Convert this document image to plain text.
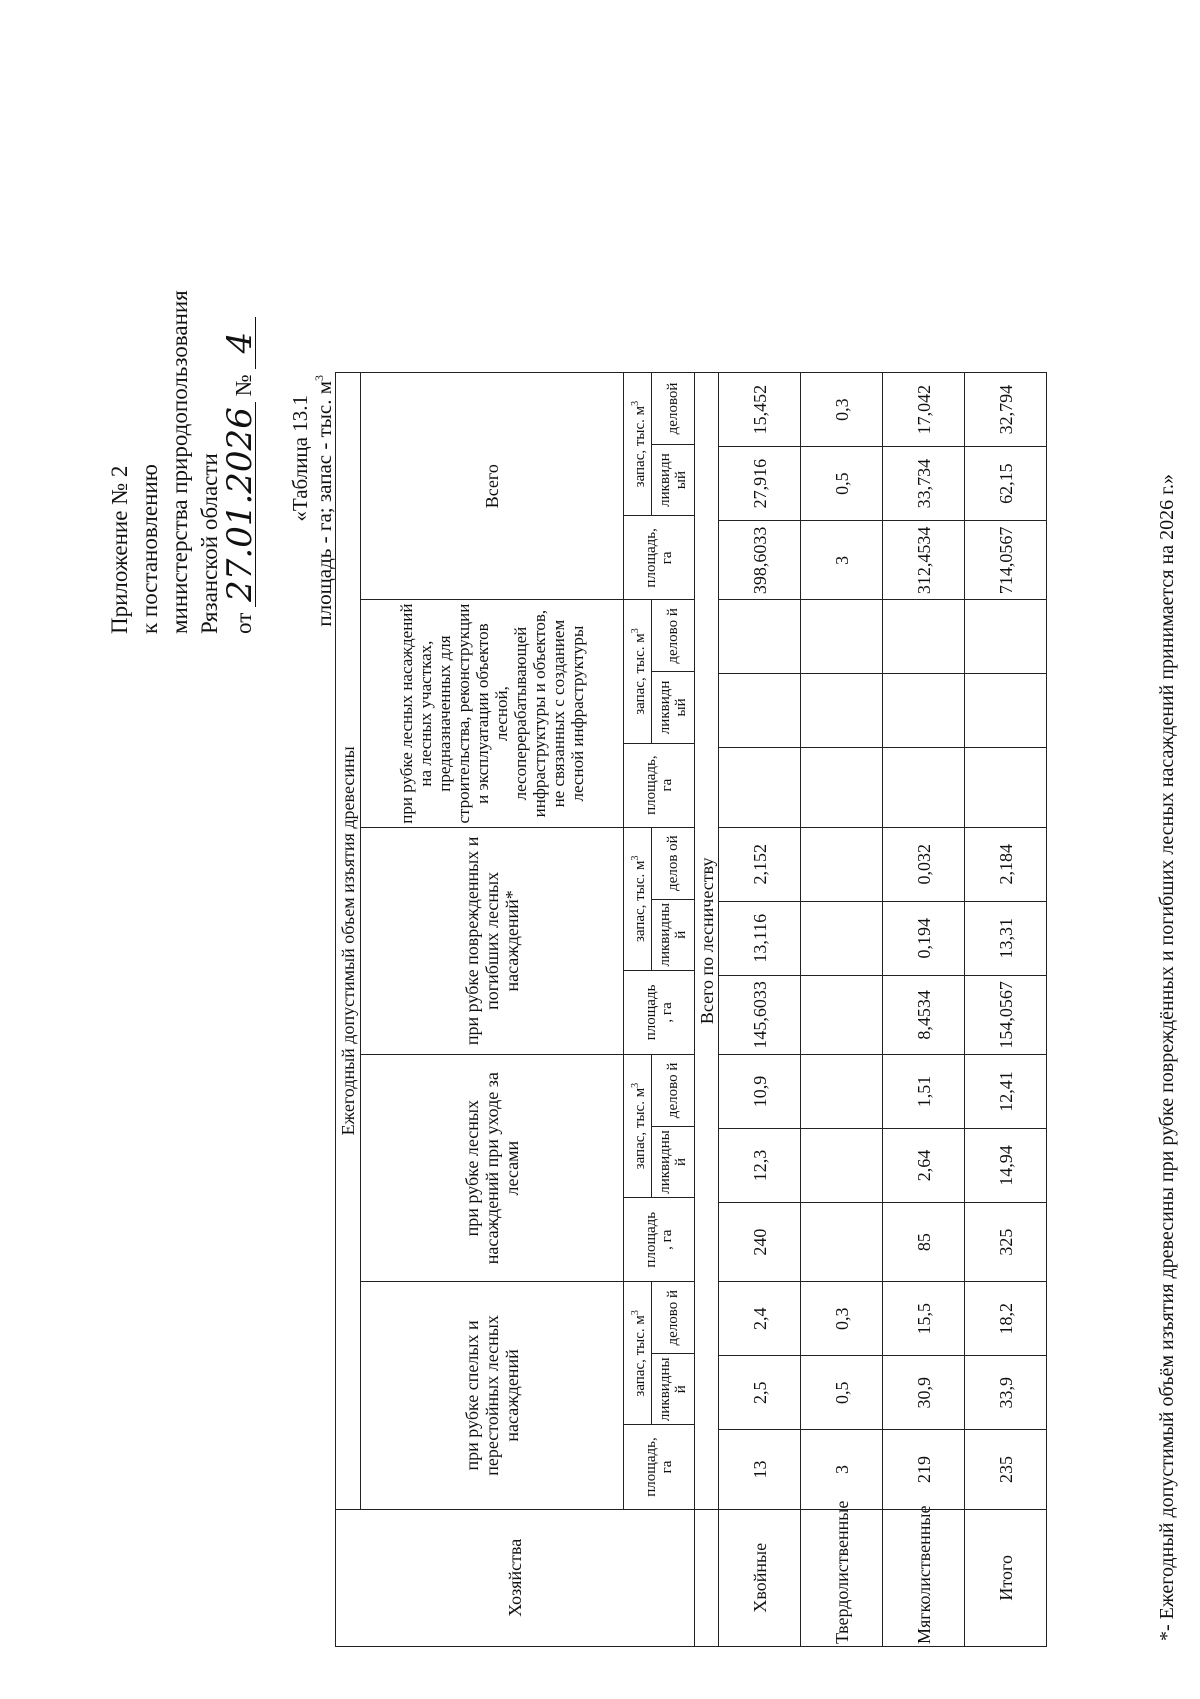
Приложение № 2 к постановлению министерства природопользования Рязанской области от 27.01.2026 № 4
«Таблица 13.1 площадь - га; запас - тыс. $м^3$
Хозяйства	Ежегодный допустимый объем изъятия древесины
при рубке спелых и перестойных лесных насаждений	при рубке лесных насаждений при уходе за лесами	при рубке поврежденных и погибших лесных насаждений*	при рубке лесных насаждений на лесных участках, предназначенных для строительства, реконструкции и эксплуатации объектов лесной, лесоперерабатывающей инфраструктуры и объектов, не связанных с созданием лесной инфраструктуры	Всего

площадь, га
	запас, тыс. $м^3$
ликвидны й	делово й

площадь , га
	запас, тыс. $м^3$
ликвидны й	делово й

площадь , га
	запас, тыс. $м^3$
ликвидны й	делов ой

площадь, га
	запас, тыс. $м^3$
ликвидн ый	делово й

площадь, га
	запас, тыс. $м^3$
ликвидн ый	деловой

	Всего по лесничеству
Хвойные	13	2,5	2,4	240	12,3	10,9	145,6033	13,116	2,152				398,6033	27,916	15,452
Твердолиственные	3	0,5	0,3										3	0,5	0,3
Мягколиственные	219	30,9	15,5	85	2,64	1,51	8,4534	0,194	0,032				312,4534	33,734	17,042
Итого	235	33,9	18,2	325	14,94	12,41	154,0567	13,31	2,184				714,0567	62,15	32,794
*- Ежегодный допустимый объём изъятия древесины при рубке повреждённых и погибших лесных насаждений принимается на 2026 г.»
